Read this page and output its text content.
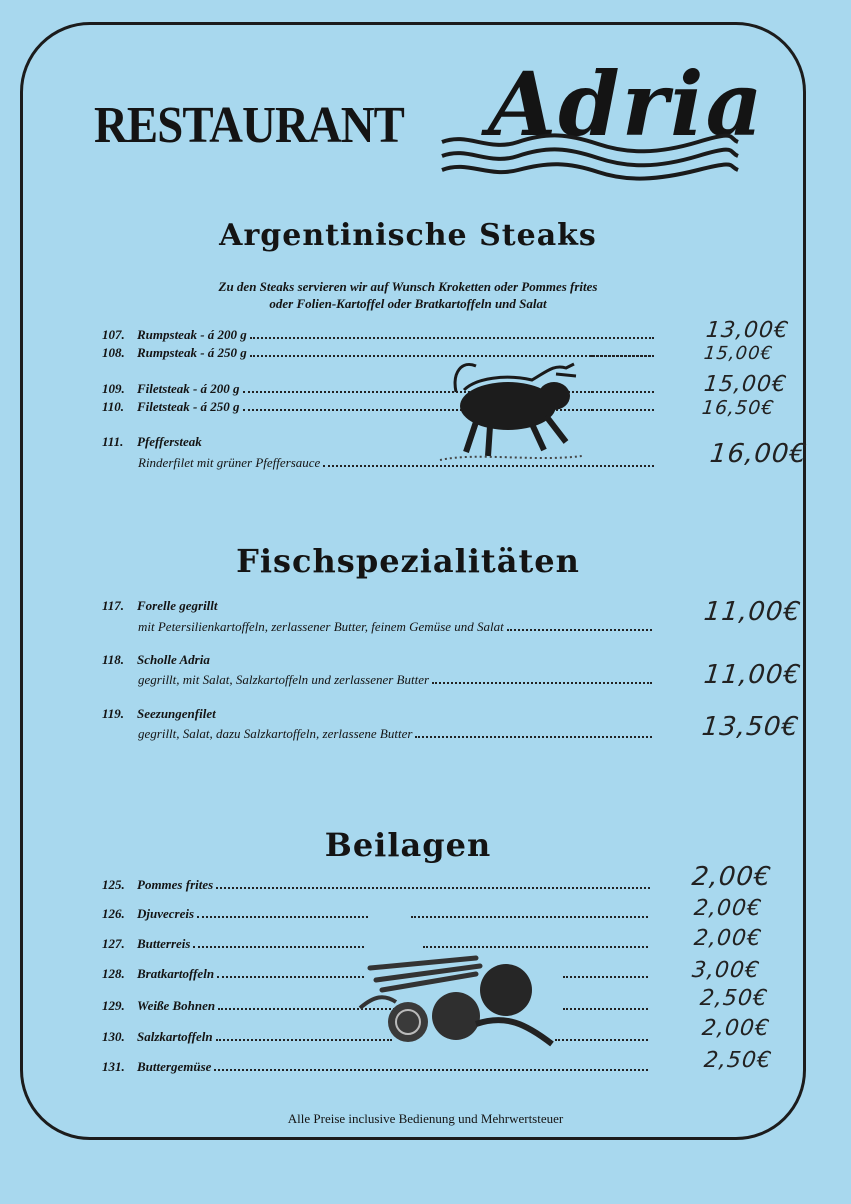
RESTAURANT Adria
Argentinische Steaks
Zu den Steaks servieren wir auf Wunsch Kroketten oder Pommes frites
oder Folien-Kartoffel oder Bratkartoffeln und Salat
107. Rumpsteak - á 200 g
108. Rumpsteak - á 250 g
109. Filetsteak - á 200 g
110. Filetsteak - á 250 g
111.	Pfeffersteak
Rinderfilet mit grüner Pfeffersauce
13,00€
15,00€
15,00€
16,50€
16,00€
Fischspezialitäten
117. Forelle gegrillt
mit Petersilienkartoffeln, zerlassener Butter, feinem Gemüse und Salat
118. Scholle Adria
gegrillt, mit Salat, Salzkartoffeln und zerlassener Butter
119. Seezungenfilet
gegrillt, Salat, dazu Salzkartoffeln, zerlassene Butter
11,00€
11,00€
13,50€
Beilagen
125. Pommes frites
126. Djuvecreis
127. Butterreis
128. Bratkartoffeln
129. Weiße Bohnen
130. Salzkartoffeln
131. Buttergemüse
2,00€
2,00€
2,00€
3,00€
2,50€
2,00€
2,50€
Alle Preise inclusive Bedienung und Mehrwertsteuer
